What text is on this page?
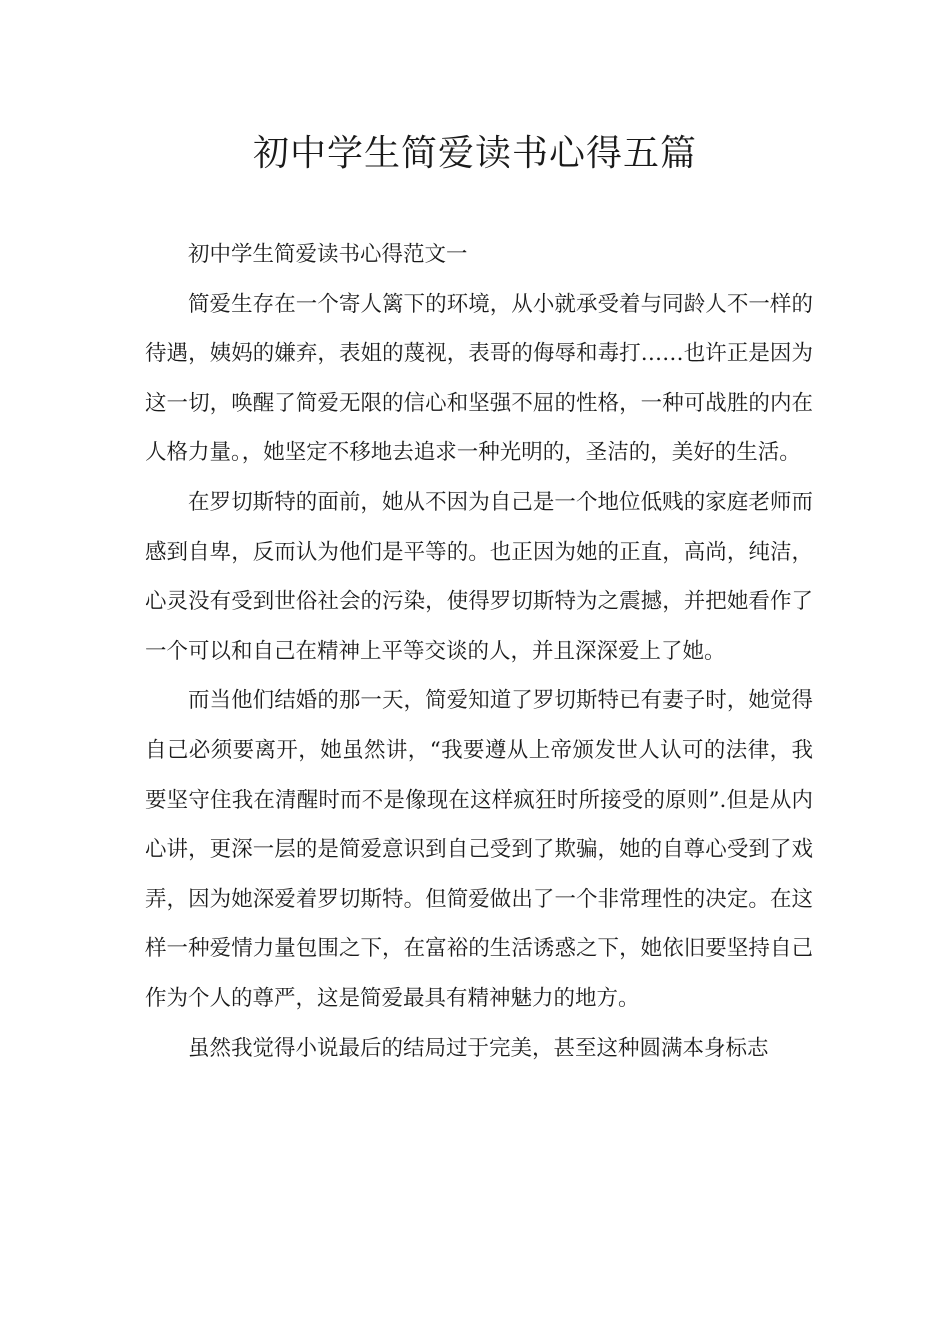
初中学生简爱读书心得五篇

初中学生简爱读书心得范文一

简爱生存在一个寄人篱下的环境，从小就承受着与同龄人不一样的待遇，姨妈的嫌弃，表姐的蔑视，表哥的侮辱和毒打……也许正是因为这一切，唤醒了简爱无限的信心和坚强不屈的性格，一种可战胜的内在人格力量。，她坚定不移地去追求一种光明的，圣洁的，美好的生活。

在罗切斯特的面前，她从不因为自己是一个地位低贱的家庭老师而感到自卑，反而认为他们是平等的。也正因为她的正直，高尚，纯洁，心灵没有受到世俗社会的污染，使得罗切斯特为之震撼，并把她看作了一个可以和自己在精神上平等交谈的人，并且深深爱上了她。

而当他们结婚的那一天，简爱知道了罗切斯特已有妻子时，她觉得自己必须要离开，她虽然讲，“我要遵从上帝颁发世人认可的法律，我要坚守住我在清醒时而不是像现在这样疯狂时所接受的原则”.但是从内心讲，更深一层的是简爱意识到自己受到了欺骗，她的自尊心受到了戏弄，因为她深爱着罗切斯特。但简爱做出了一个非常理性的决定。在这样一种爱情力量包围之下，在富裕的生活诱惑之下，她依旧要坚持自己作为个人的尊严，这是简爱最具有精神魅力的地方。

虽然我觉得小说最后的结局过于完美，甚至这种圆满本身标志
